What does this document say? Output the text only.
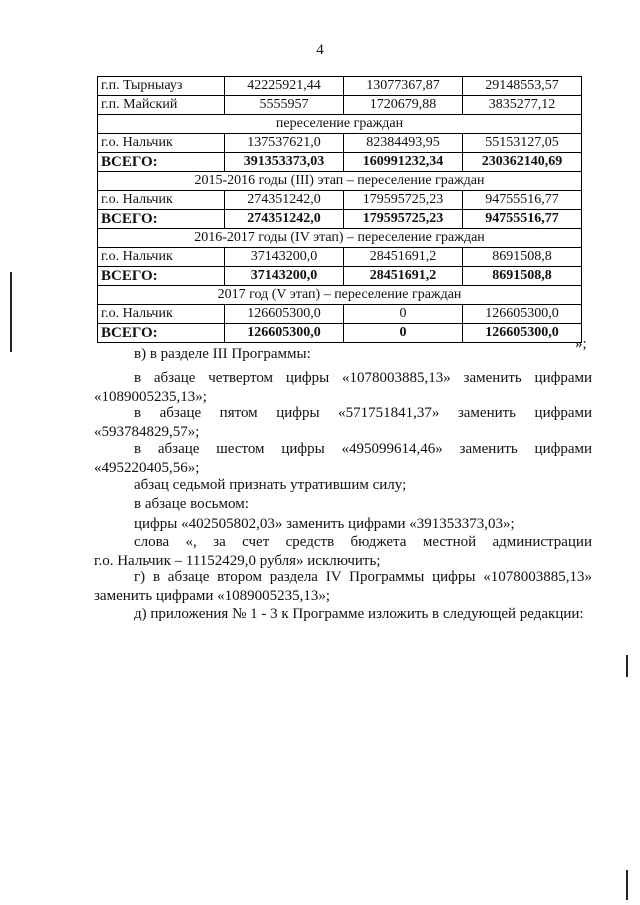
4
г.п. Тырныауз	42225921,44	13077367,87	29148553,57
г.п. Майский	5555957	1720679,88	3835277,12
переселение граждан			
г.о. Нальчик	137537621,0	82384493,95	55153127,05
ВСЕГО:	391353373,03	160991232,34	230362140,69
2015-2016 годы (III) этап – переселение граждан			
г.о. Нальчик	274351242,0	179595725,23	94755516,77
ВСЕГО:	274351242,0	179595725,23	94755516,77
2016-2017 годы (IV этап) – переселение граждан			
г.о. Нальчик	37143200,0	28451691,2	8691508,8
ВСЕГО:	37143200,0	28451691,2	8691508,8
2017 год (V этап) – переселение граждан			
г.о. Нальчик	126605300,0	0	126605300,0
ВСЕГО:	126605300,0	0	126605300,0
»;

в) в разделе III Программы:

в абзаце четвертом цифры «1078003885,13» заменить цифрами

«1089005235,13»;

в абзаце пятом цифры «571751841,37» заменить цифрами

«593784829,57»;

в абзаце шестом цифры «495099614,46» заменить цифрами

«495220405,56»;

абзац седьмой признать утратившим силу;

в абзаце восьмом:

цифры «402505802,03» заменить цифрами «391353373,03»;

слова «, за счет средств бюджета местной администрации

г.о. Нальчик – 11152429,0 рубля» исключить;

г) в абзаце втором раздела IV Программы цифры «1078003885,13»

заменить цифрами «1089005235,13»;

д) приложения № 1 - 3 к Программе изложить в следующей редакции:
